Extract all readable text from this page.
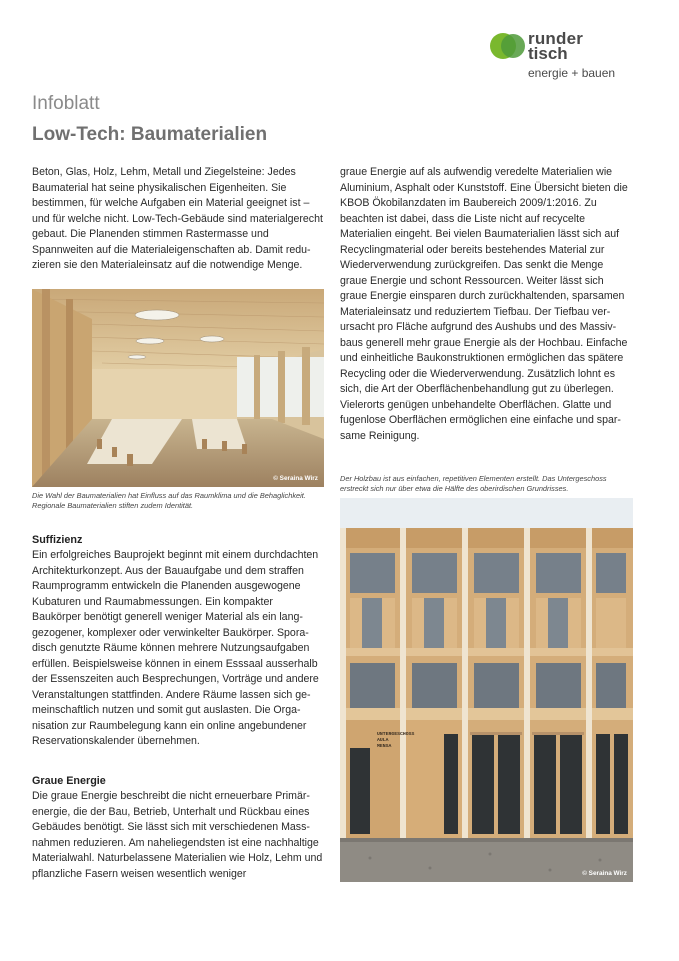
runder
tisch
energie + bauen
Infoblatt
Low-Tech: Baumaterialien

Beton, Glas, Holz, Lehm, Metall und Ziegelsteine: Jedes Baumaterial hat seine physikalischen Eigenheiten. Sie bestimmen, für welche Aufgaben ein Material geeignet ist – und für welche nicht. Low-Tech-Gebäude sind materialgerecht gebaut. Die Planenden stimmen Rastermasse und Spannweiten auf die Materialeigenschaften ab. Damit reduzieren sie den Materialeinsatz auf die notwendige Menge.

© Seraina Wirz

Die Wahl der Baumaterialien hat Einfluss auf das Raumklima und die Behaglichkeit. Regionale Baumaterialien stiften zudem Identität.

Suffizienz

Ein erfolgreiches Bauprojekt beginnt mit einem durchdachten Architekturkonzept. Aus der Bauaufgabe und dem straffen Raumprogramm entwickeln die Planenden ausgewogene Kubaturen und Raumabmessungen. Ein kompakter Baukörper benötigt generell weniger Material als ein langgezogener, komplexer oder verwinkelter Baukörper. Sporadisch genutzte Räume können mehrere Nutzungsaufgaben erfüllen. Beispielsweise können in einem Esssaal ausserhalb der Essenszeiten auch Besprechungen, Vorträge und andere Veranstaltungen stattfinden. Andere Räume lassen sich gemeinschaftlich nutzen und somit gut auslasten. Die Organisation zur Raumbelegung kann ein online angebundener Reservationskalender übernehmen.

Graue Energie

Die graue Energie beschreibt die nicht erneuerbare Primärenergie, die der Bau, Betrieb, Unterhalt und Rückbau eines Gebäudes benötigt. Sie lässt sich mit verschiedenen Massnahmen reduzieren. Am naheliegendsten ist eine nachhaltige Materialwahl. Naturbelassene Materialien wie Holz, Lehm und pflanzliche Fasern weisen wesentlich weniger

graue Energie auf als aufwendig veredelte Materialien wie Aluminium, Asphalt oder Kunststoff. Eine Übersicht bieten die KBOB Ökobilanzdaten im Baubereich 2009/1:2016. Zu beachten ist dabei, dass die Liste nicht auf recycelte Materialien eingeht. Bei vielen Baumaterialien lässt sich auf Recyclingmaterial oder bereits bestehendes Material zur Wiederverwendung zurückgreifen. Das senkt die Menge graue Energie und schont Ressourcen. Weiter lässt sich graue Energie einsparen durch zurückhaltenden, sparsamen Materialeinsatz und reduziertem Tiefbau. Der Tiefbau verursacht pro Fläche aufgrund des Aushubs und des Massivbaus generell mehr graue Energie als der Hochbau. Einfache und einheitliche Baukonstruktionen ermöglichen das spätere Recycling oder die Wiederverwendung. Zusätzlich lohnt es sich, die Art der Oberflächenbehandlung gut zu überlegen. Vielerorts genügen unbehandelte Oberflächen. Glatte und fugenlose Oberflächen ermöglichen eine einfache und sparsame Reinigung.

Der Holzbau ist aus einfachen, repetitiven Elementen erstellt. Das Untergeschoss erstreckt sich nur über etwa die Hälfte des oberirdischen Grundrisses.

UNTERGESCHOSS
AULA
MENSA
© Seraina Wirz
